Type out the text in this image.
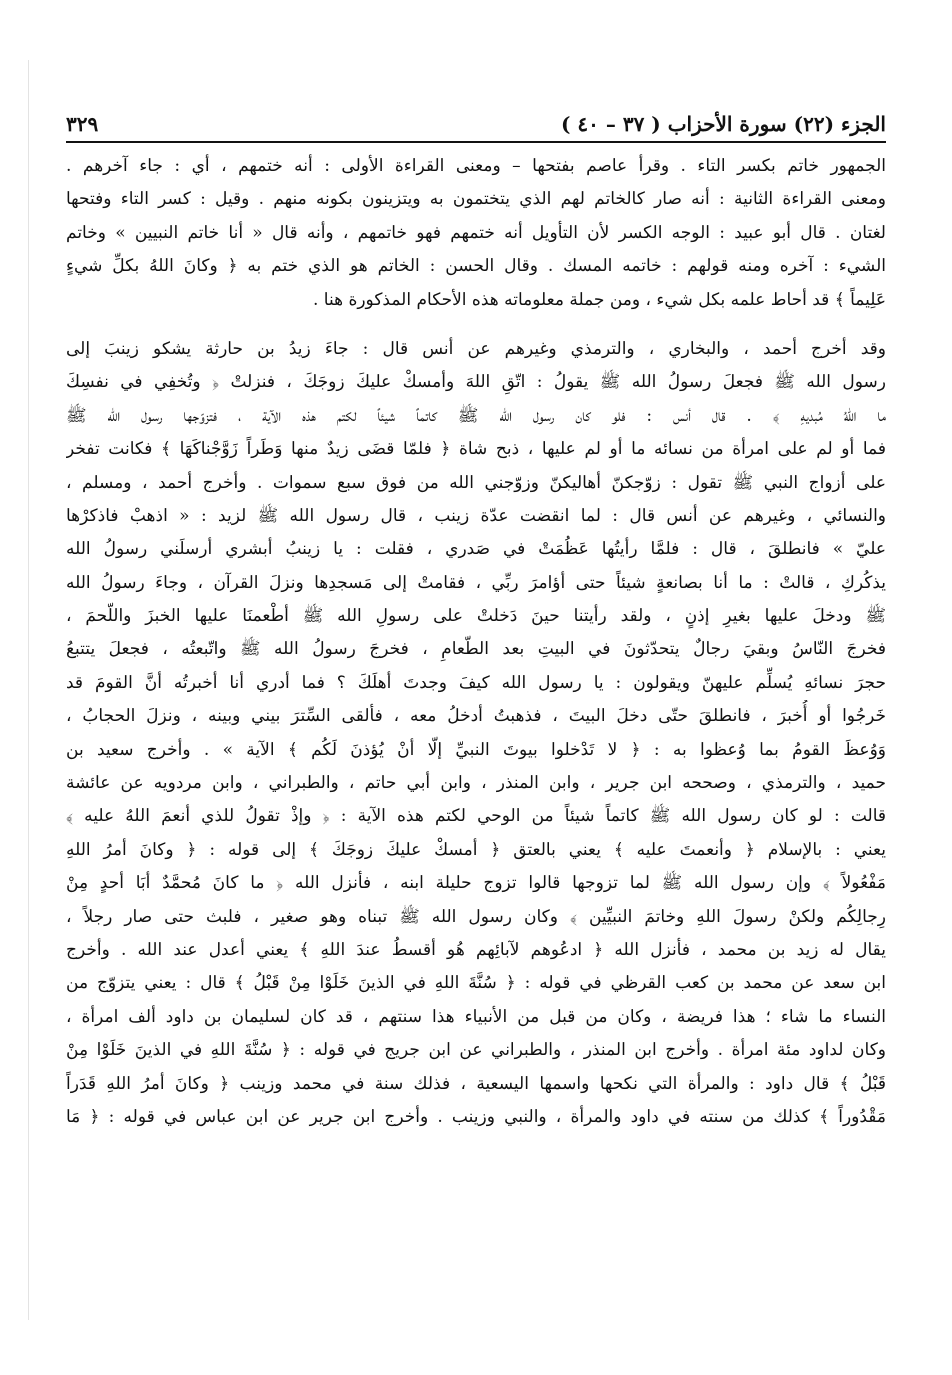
الجزء (٢٢) سورة الأحزاب ( ٣٧ – ٤٠ )
٣٢٩
الجمهور خاتم بكسر التاء . وقرأ عاصم بفتحها – ومعنى القراءة الأولى : أنه ختمهم ، أي : جاء آخرهم .
ومعنى القراءة الثانية : أنه صار كالخاتم لهم الذي يتختمون به ويتزينون بكونه منهم . وقيل : كسر التاء وفتحها
لغتان . قال أبو عبيد : الوجه الكسر لأن التأويل أنه ختمهم فهو خاتمهم ، وأنه قال « أنا خاتم النبيين » وخاتم
الشيء : آخره ومنه قولهم : خاتمه المسك . وقال الحسن : الخاتم هو الذي ختم به ﴿ وكانَ اللهُ بكلِّ شيءٍ
عَلِيماً ﴾ قد أحاط علمه بكل شيء ، ومن جملة معلوماته هذه الأحكام المذكورة هنا .
وقد أخرج أحمد ، والبخاري ، والترمذي وغيرهم عن أنس قال : جاءَ زيدُ بن حارثة يشكو زينبَ إلى
رسول الله ﷺ فجعلَ رسولُ الله ﷺ يقولُ : اتّقِ اللهَ وأمسكْ عليكَ زوجَكَ ، فنزلتْ ﴿ وتُخفِي في نفسِكَ
ما اللهُ مُبديهِ ﴾ . قال أنس : فلو كان رسول الله ﷺ كاتماً شيئاً لكتم هذه الآية ، فتزوّجها رسول الله ﷺ
فما أو لم على امرأة من نسائه ما أو لم عليها ، ذبح شاة ﴿ فلمّا قضَى زيدٌ منها وَطَراً زَوَّجْناكَهَا ﴾ فكانت تفخر
على أزواج النبي ﷺ تقول : زوّجكنّ أهاليكنّ وزوّجني الله من فوق سبع سموات . وأخرج أحمد ، ومسلم ،
والنسائي ، وغيرهم عن أنس قال : لما انقضت عدّة زينب ، قال رسول الله ﷺ لزيد : « اذهبْ فاذكرْها
عليّ » فانطلقَ ، قال : فلمَّا رأيتُها عَظُمَتْ في صَدري ، فقلت : يا زينبُ أبشري أرسلَني رسولُ الله
يذكُركِ ، قالتْ : ما أنا بصانعةٍ شيئاً حتى أؤامرَ ربِّي ، فقامتْ إلى مَسجدِها ونزلَ القرآن ، وجاءَ رسولُ الله
ﷺ ودخلَ عليها بغيرِ إذنٍ ، ولقد رأيتنا حينَ دَخلتْ على رسولِ الله ﷺ أطْعمنَا عليها الخبزَ واللّحمَ ،
فخرجَ النّاسُ وبقيَ رجالٌ يتحدّثونَ في البيتِ بعد الطّعامِ ، فخرجَ رسولُ الله ﷺ واتّبعتُه ، فجعلَ يتتبعُ
حجرَ نسائهِ يُسلِّم عليهنّ ويقولون : يا رسول الله كيفَ وجدتَ أهلَكَ ؟ فما أدري أنا أخبرتُه أنَّ القومَ قد
خَرجُوا أو أُخبرَ ، فانطلقَ حتّى دخلَ البيتَ ، فذهبتُ أدخلُ معه ، فألقى السِّترَ بيني وبينه ، ونزلَ الحجابُ ،
وَوُعظَ القومُ بما وُعظوا به : ﴿ لا تَدْخلوا بيوتَ النبيِّ إلّا أنْ يُؤذنَ لَكُم ﴾ الآية » . وأخرج سعيد بن
حميد ، والترمذي ، وصححه ابن جرير ، وابن المنذر ، وابن أبي حاتم ، والطبراني ، وابن مردويه عن عائشة
قالت : لو كان رسول الله ﷺ كاتماً شيئاً من الوحي لكتم هذه الآية : ﴿ وإذْ تقولُ للذي أنعمَ اللهُ عليه ﴾
يعني : بالإسلام ﴿ وأنعمتَ عليه ﴾ يعني بالعتق ﴿ أمسكْ عليكَ زوجَكَ ﴾ إلى قوله : ﴿ وكانَ أمرُ اللهِ
مَفْعُولاً ﴾ وإن رسول الله ﷺ لما تزوجها قالوا تزوج حليلة ابنه ، فأنزل الله ﴿ ما كانَ مُحمَّدٌ أبَا أحدٍ مِنْ
رِجالِكُم ولكنْ رسولَ اللهِ وخاتمَ النبيِّين ﴾ وكان رسول الله ﷺ تبناه وهو صغير ، فلبث حتى صار رجلاً ،
يقال له زيد بن محمد ، فأنزل الله ﴿ ادعُوهم لآبائِهم هُو أقسطُ عندَ اللهِ ﴾ يعني أعدل عند الله . وأخرج
ابن سعد عن محمد بن كعب القرظي في قوله : ﴿ سُنَّةَ اللهِ في الذينَ خَلَوْا مِنْ قَبْلُ ﴾ قال : يعني يتزوّج من
النساء ما شاء ؛ هذا فريضة ، وكان من قبل من الأنبياء هذا سنتهم ، قد كان لسليمان بن داود ألف امرأة ،
وكان لداود مئة امرأة . وأخرج ابن المنذر ، والطبراني عن ابن جريج في قوله : ﴿ سُنَّةَ اللهِ في الذينَ خَلَوْا مِنْ
قَبْلُ ﴾ قال داود : والمرأة التي نكحها واسمها اليسعية ، فذلك سنة في محمد وزينب ﴿ وكانَ أمرُ اللهِ قَدَراً
مَقْدُوراً ﴾ كذلك من سنته في داود والمرأة ، والنبي وزينب . وأخرج ابن جرير عن ابن عباس في قوله : ﴿ مَا
